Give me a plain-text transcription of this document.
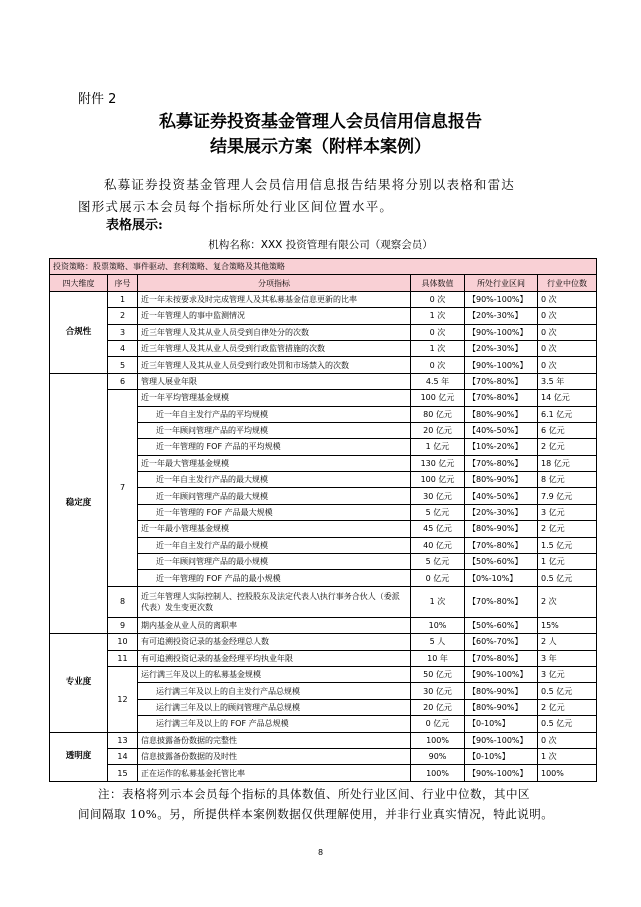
附件 2
私募证券投资基金管理人会员信用信息报告
结果展示方案（附样本案例）
私募证券投资基金管理人会员信用信息报告结果将分别以表格和雷达
图形式展示本会员每个指标所处行业区间位置水平。
表格展示:
机构名称：XXX 投资管理有限公司（观察会员）
投资策略：股票策略、事件驱动、套利策略、复合策略及其他策略					
四大维度	序号	分项指标	具体数值	所处行业区间	行业中位数
合规性	1	近一年未按要求及时完成管理人及其私募基金信息更新的比率	0 次	【90%-100%】	0 次
	2	近一年管理人的事中监测情况	1 次	【20%-30%】	0 次
	3	近三年管理人及其从业人员受到自律处分的次数	0 次	【90%-100%】	0 次
	4	近三年管理人及其从业人员受到行政监管措施的次数	1 次	【20%-30%】	0 次
	5	近三年管理人及其从业人员受到行政处罚和市场禁入的次数	0 次	【90%-100%】	0 次
稳定度	6	管理人展业年限	4.5 年	【70%-80%】	3.5 年
	7	近一年平均管理基金规模	100 亿元	【70%-80%】	14 亿元
		近一年自主发行产品的平均规模	80 亿元	【80%-90%】	6.1 亿元
		近一年顾问管理产品的平均规模	20 亿元	【40%-50%】	6 亿元
		近一年管理的 FOF 产品的平均规模	1 亿元	【10%-20%】	2 亿元
		近一年最大管理基金规模	130 亿元	【70%-80%】	18 亿元
		近一年自主发行产品的最大规模	100 亿元	【80%-90%】	8 亿元
		近一年顾问管理产品的最大规模	30 亿元	【40%-50%】	7.9 亿元
		近一年管理的 FOF 产品最大规模	5 亿元	【20%-30%】	3 亿元
		近一年最小管理基金规模	45 亿元	【80%-90%】	2 亿元
		近一年自主发行产品的最小规模	40 亿元	【70%-80%】	1.5 亿元
		近一年顾问管理产品的最小规模	5 亿元	【50%-60%】	1 亿元
		近一年管理的 FOF 产品的最小规模	0 亿元	【0%-10%】	0.5 亿元
	8	近三年管理人实际控制人、控股股东及法定代表人\执行事务合伙人（委派代表）发生变更次数	1 次	【70%-80%】	2 次
	9	期内基金从业人员的离职率	10%	【50%-60%】	15%
专业度	10	有可追溯投资记录的基金经理总人数	5 人	【60%-70%】	2 人
	11	有可追溯投资记录的基金经理平均执业年限	10 年	【70%-80%】	3 年
	12	运行满三年及以上的私募基金规模	50 亿元	【90%-100%】	3 亿元
		运行满三年及以上的自主发行产品总规模	30 亿元	【80%-90%】	0.5 亿元
		运行满三年及以上的顾问管理产品总规模	20 亿元	【80%-90%】	2 亿元
		运行满三年及以上的 FOF 产品总规模	0 亿元	【0-10%】	0.5 亿元
透明度	13	信息披露备份数据的完整性	100%	【90%-100%】	0 次
	14	信息披露备份数据的及时性	90%	【0-10%】	1 次
	15	正在运作的私募基金托管比率	100%	【90%-100%】	100%
注：表格将列示本会员每个指标的具体数值、所处行业区间、行业中位数，其中区
间间隔取 10%。另，所提供样本案例数据仅供理解使用，并非行业真实情况，特此说明。
8
